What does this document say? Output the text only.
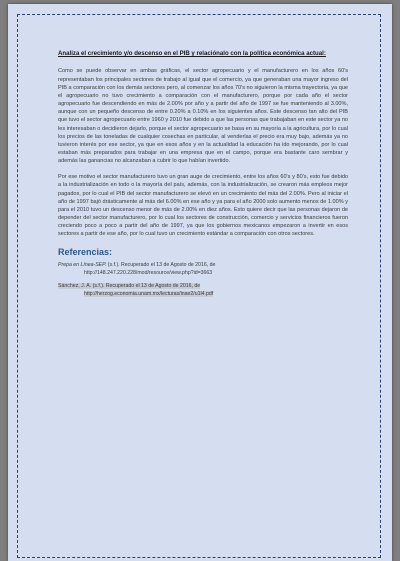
Analiza el crecimiento y/o descenso en el PIB y relaciónalo con la política económica actual:

Como se puede observar en ambas gráficas, el sector agropecuario y el manufacturero en los años 60's representaban los principales sectores de trabajo al igual que el comercio, ya que generaban una mayor ingreso del PIB a comparación con los demás sectores pero, al comenzar los años 70's no siguieron la misma trayectoria, ya que el agropecuario no tuvo crecimiento a comparación con el manufacturero, porque por cada año el sector agropecuario fue descendiendo en más de 2.00% por año y a partir del año de 1997 se fue manteniendo al 3.00%, aunque con un pequeño descenso de entre 0.20% a 0.10% en los siguientes años. Este descenso tan alto del PIB que tuvo el sector agropecuario entre 1960 y 2010 fue debido a que las personas que trabajaban en este sector ya no les interesaban o decidieron dejarlo, porque el sector agropecuario se basa en su mayoría a la agricultura, por lo cual los precios de las toneladas de cualquier cosechas en particular, al venderlas el precio era muy bajo, además ya no tuvieron interés por ese sector, ya que en esos años y en la actualidad la educación ha ido mejorando, por lo cual estaban más preparados para trabajar en una empresa que en el campo, porque era bastante caro sembrar y además las ganancias no alcanzaban a cubrir lo que habían invertido.

Por ese motivo el sector manufacturero tuvo un gran auge de crecimiento, entre los años 60's y 80's, esto fue debido a la industrialización en todo o la mayoría del país, además, con la industrialización, se crearon más empleos mejor pagados, por lo cual el PIB del sector manufacturero se elevó en un crecimiento del más del 2.00%. Pero al iniciar el año de 1997 bajó drásticamente al más del 6.00% en ese año y ya para el año 2000 solo aumento menos de 1.00% y para el 2010 tuvo un descenso menor de más de 2.00% en diez años. Esto quiere decir que las personas dejaron de depender del sector manufacturero, por lo cual los sectores de construcción, comercio y servicios financieros fueron creciendo poco a poco a partir del año de 1997, ya que los gobiernos mexicanos empezaron a invertir en esos sectores a partir de ese año, por lo cual tuvo un crecimiento estándar a comparación con otros sectores.

Referencias:
Prepa en Línea-SEP. (s.f.). Recuperado el 13 de Agosto de 2016, de
http://148.247.220.228/mod/resource/view.php?id=3663
Sánchez, J. A. (s.f.). Recuperado el 13 de Agosto de 2016, de
http://herzog.economia.unam.mx/lecturas/inae2/u1l4.pdf
